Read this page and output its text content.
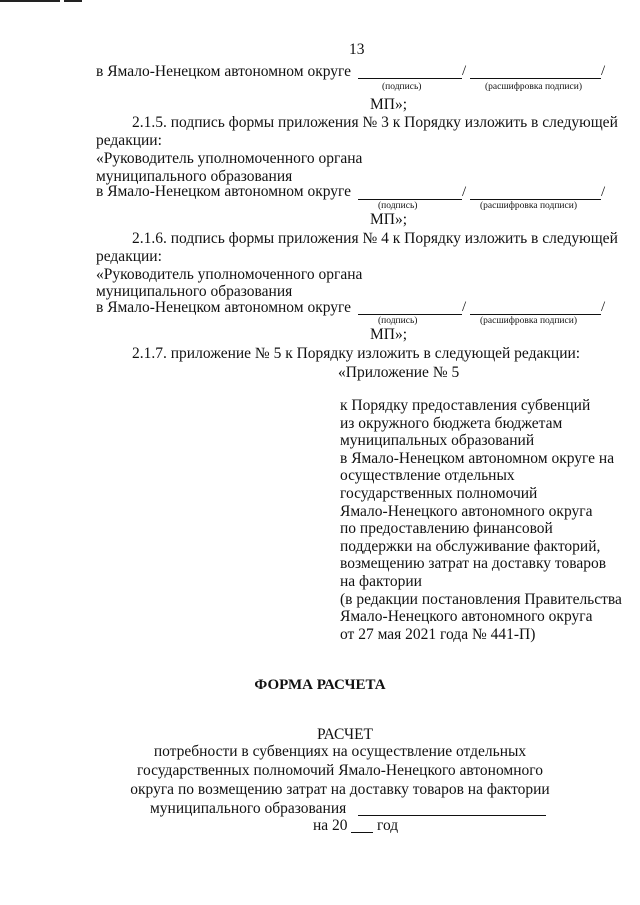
13
в Ямало-Ненецком автономном округе	/	/
(подпись)	(расшифровка подписи)
МП»;
2.1.5. подпись формы приложения № 3 к Порядку изложить в следующей
редакции:
«Руководитель уполномоченного органа
муниципального образования
в Ямало-Ненецком автономном округе	/	/
(подпись)	(расшифровка подписи)
МП»;
2.1.6. подпись формы приложения № 4 к Порядку изложить в следующей
редакции:
«Руководитель уполномоченного органа
муниципального образования
в Ямало-Ненецком автономном округе	/	/
(подпись)	(расшифровка подписи)
МП»;
2.1.7. приложение № 5 к Порядку изложить в следующей редакции:
«Приложение № 5
к Порядку предоставления субвенций
из окружного бюджета бюджетам
муниципальных образований
в Ямало-Ненецком автономном округе на
осуществление отдельных
государственных полномочий
Ямало-Ненецкого автономного округа
по предоставлению финансовой
поддержки на обслуживание факторий,
возмещению затрат на доставку товаров
на фактории
(в редакции постановления Правительства
Ямало-Ненецкого автономного округа
от 27 мая 2021 года № 441-П)
ФОРМА РАСЧЕТА
РАСЧЕТ
потребности в субвенциях на осуществление отдельных
государственных полномочий Ямало-Ненецкого автономного
округа по возмещению затрат на доставку товаров на фактории
муниципального образования
на 20 год
